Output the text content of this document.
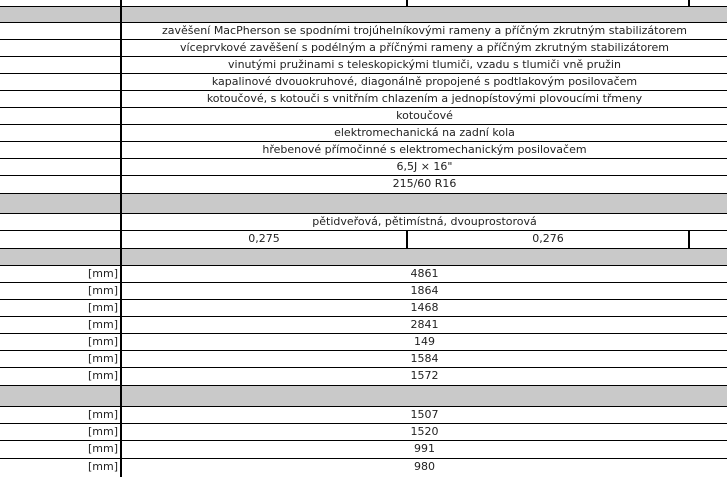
zavěšení MacPherson se spodními trojúhelníkovými rameny a příčným zkrutným stabilizátorem
víceprvkové zavěšení s podélným a příčnými rameny a příčným zkrutným stabilizátorem
vinutými pružinami s teleskopickými tlumiči, vzadu s tlumiči vně pružin
kapalinové dvouokruhové, diagonálně propojené s podtlakovým posilovačem
kotoučové, s kotouči s vnitřním chlazením a jednopístovými plovoucími třmeny
kotoučové
elektromechanická na zadní kola
hřebenové přímočinné s elektromechanickým posilovačem
6,5J × 16"
215/60 R16
pětidveřová, pětimístná, dvouprostorová
0,275	0,276
[mm]	4861
[mm]	1864
[mm]	1468
[mm]	2841
[mm]	149
[mm]	1584
[mm]	1572
[mm]	1507
[mm]	1520
[mm]	991
[mm]	980
